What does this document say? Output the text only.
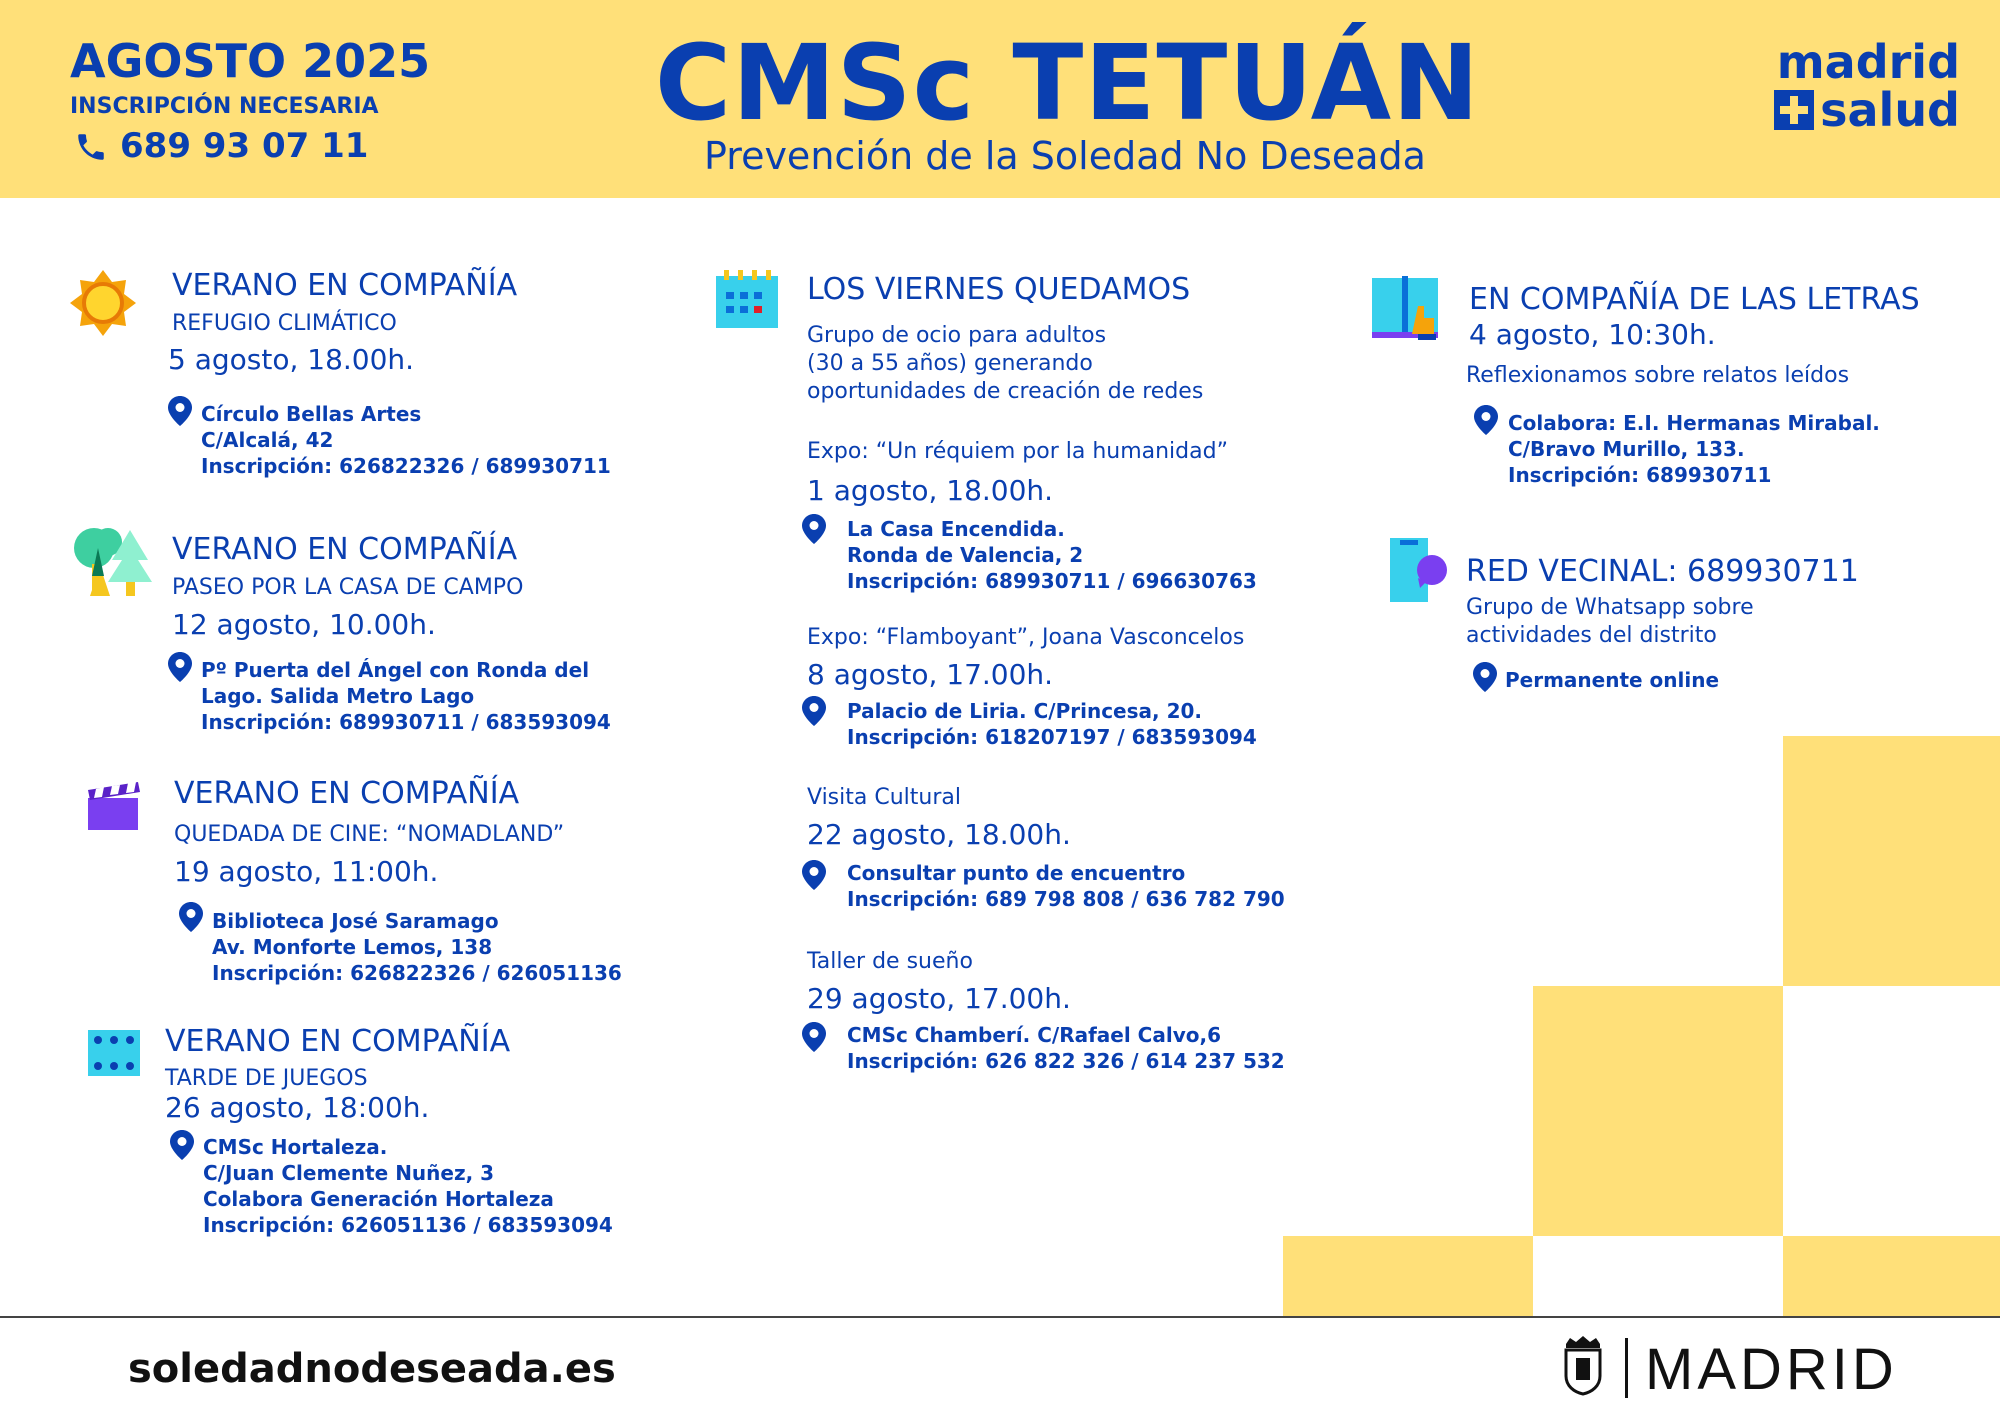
AGOSTO 2025
INSCRIPCIÓN NECESARIA
689 93 07 11
CMSc TETUÁN
Prevención de la Soledad No Deseada
madrid
salud
VERANO EN COMPAÑÍA
REFUGIO CLIMÁTICO
5 agosto, 18.00h.
Círculo Bellas Artes
C/Alcalá, 42
Inscripción: 626822326 / 689930711
VERANO EN COMPAÑÍA
PASEO POR LA CASA DE CAMPO
12 agosto, 10.00h.
Pº Puerta del Ángel con Ronda del
Lago. Salida Metro Lago
Inscripción: 689930711 / 683593094
VERANO EN COMPAÑÍA
QUEDADA DE CINE: “NOMADLAND”
19 agosto, 11:00h.
Biblioteca José Saramago
Av. Monforte Lemos, 138
Inscripción: 626822326 / 626051136
VERANO EN COMPAÑÍA
TARDE DE JUEGOS
26 agosto, 18:00h.
CMSc Hortaleza.
C/Juan Clemente Nuñez, 3
Colabora Generación Hortaleza
Inscripción: 626051136 / 683593094
LOS VIERNES QUEDAMOS
Grupo de ocio para adultos
(30 a 55 años) generando
oportunidades de creación de redes
Expo: “Un réquiem por la humanidad”
1 agosto, 18.00h.
La Casa Encendida.
Ronda de Valencia, 2
Inscripción: 689930711 / 696630763
Expo: “Flamboyant”, Joana Vasconcelos
8 agosto, 17.00h.
Palacio de Liria. C/Princesa, 20.
Inscripción: 618207197 / 683593094
Visita Cultural
22 agosto, 18.00h.
Consultar punto de encuentro
Inscripción: 689 798 808 / 636 782 790
Taller de sueño
29 agosto, 17.00h.
CMSc Chamberí. C/Rafael Calvo,6
Inscripción: 626 822 326 / 614 237 532
EN COMPAÑÍA DE LAS LETRAS
4 agosto, 10:30h.
Reflexionamos sobre relatos leídos
Colabora: E.I. Hermanas Mirabal.
C/Bravo Murillo, 133.
Inscripción: 689930711
RED VECINAL: 689930711
Grupo de Whatsapp sobre
actividades del distrito
Permanente online
soledadnodeseada.es	MADRID
